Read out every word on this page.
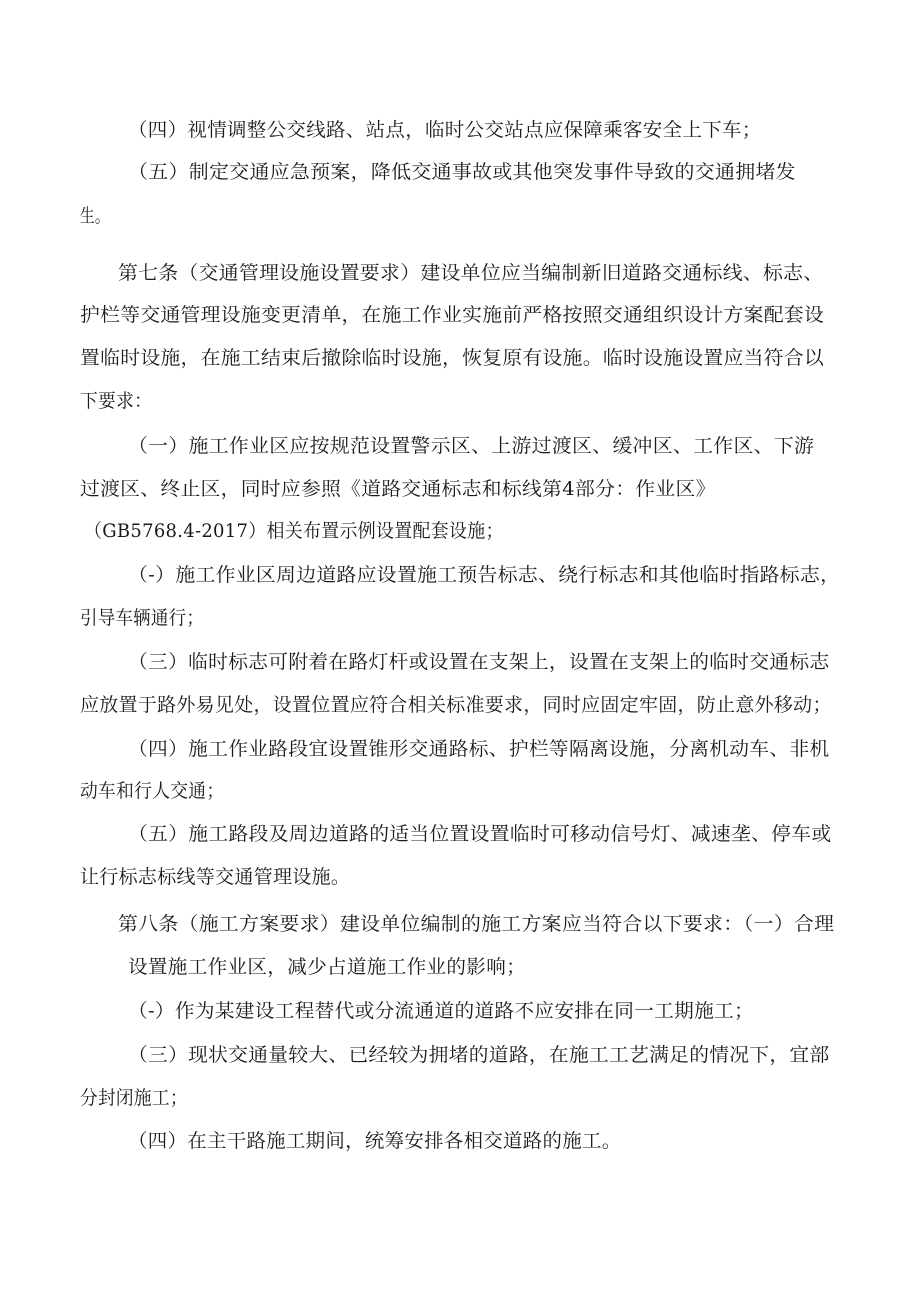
（四）视情调整公交线路、站点，临时公交站点应保障乘客安全上下车；
（五）制定交通应急预案，降低交通事故或其他突发事件导致的交通拥堵发
生。
第七条（交通管理设施设置要求）建设单位应当编制新旧道路交通标线、标志、
护栏等交通管理设施变更清单，在施工作业实施前严格按照交通组织设计方案配套设
置临时设施，在施工结束后撤除临时设施，恢复原有设施。临时设施设置应当符合以
下要求：
（一）施工作业区应按规范设置警示区、上游过渡区、缓冲区、工作区、下游
过渡区、终止区，同时应参照《道路交通标志和标线第4部分：作业区》
（GB5768.4-2017）相关布置示例设置配套设施；
（-）施工作业区周边道路应设置施工预告标志、绕行标志和其他临时指路标志，
引导车辆通行；
（三）临时标志可附着在路灯杆或设置在支架上，设置在支架上的临时交通标志
应放置于路外易见处，设置位置应符合相关标准要求，同时应固定牢固，防止意外移动；
（四）施工作业路段宜设置锥形交通路标、护栏等隔离设施，分离机动车、非机
动车和行人交通；
（五）施工路段及周边道路的适当位置设置临时可移动信号灯、减速垄、停车或
让行标志标线等交通管理设施。
第八条（施工方案要求）建设单位编制的施工方案应当符合以下要求：（一）合理
设置施工作业区，减少占道施工作业的影响；
（-）作为某建设工程替代或分流通道的道路不应安排在同一工期施工；
（三）现状交通量较大、已经较为拥堵的道路，在施工工艺满足的情况下，宜部
分封闭施工；
（四）在主干路施工期间，统筹安排各相交道路的施工。
